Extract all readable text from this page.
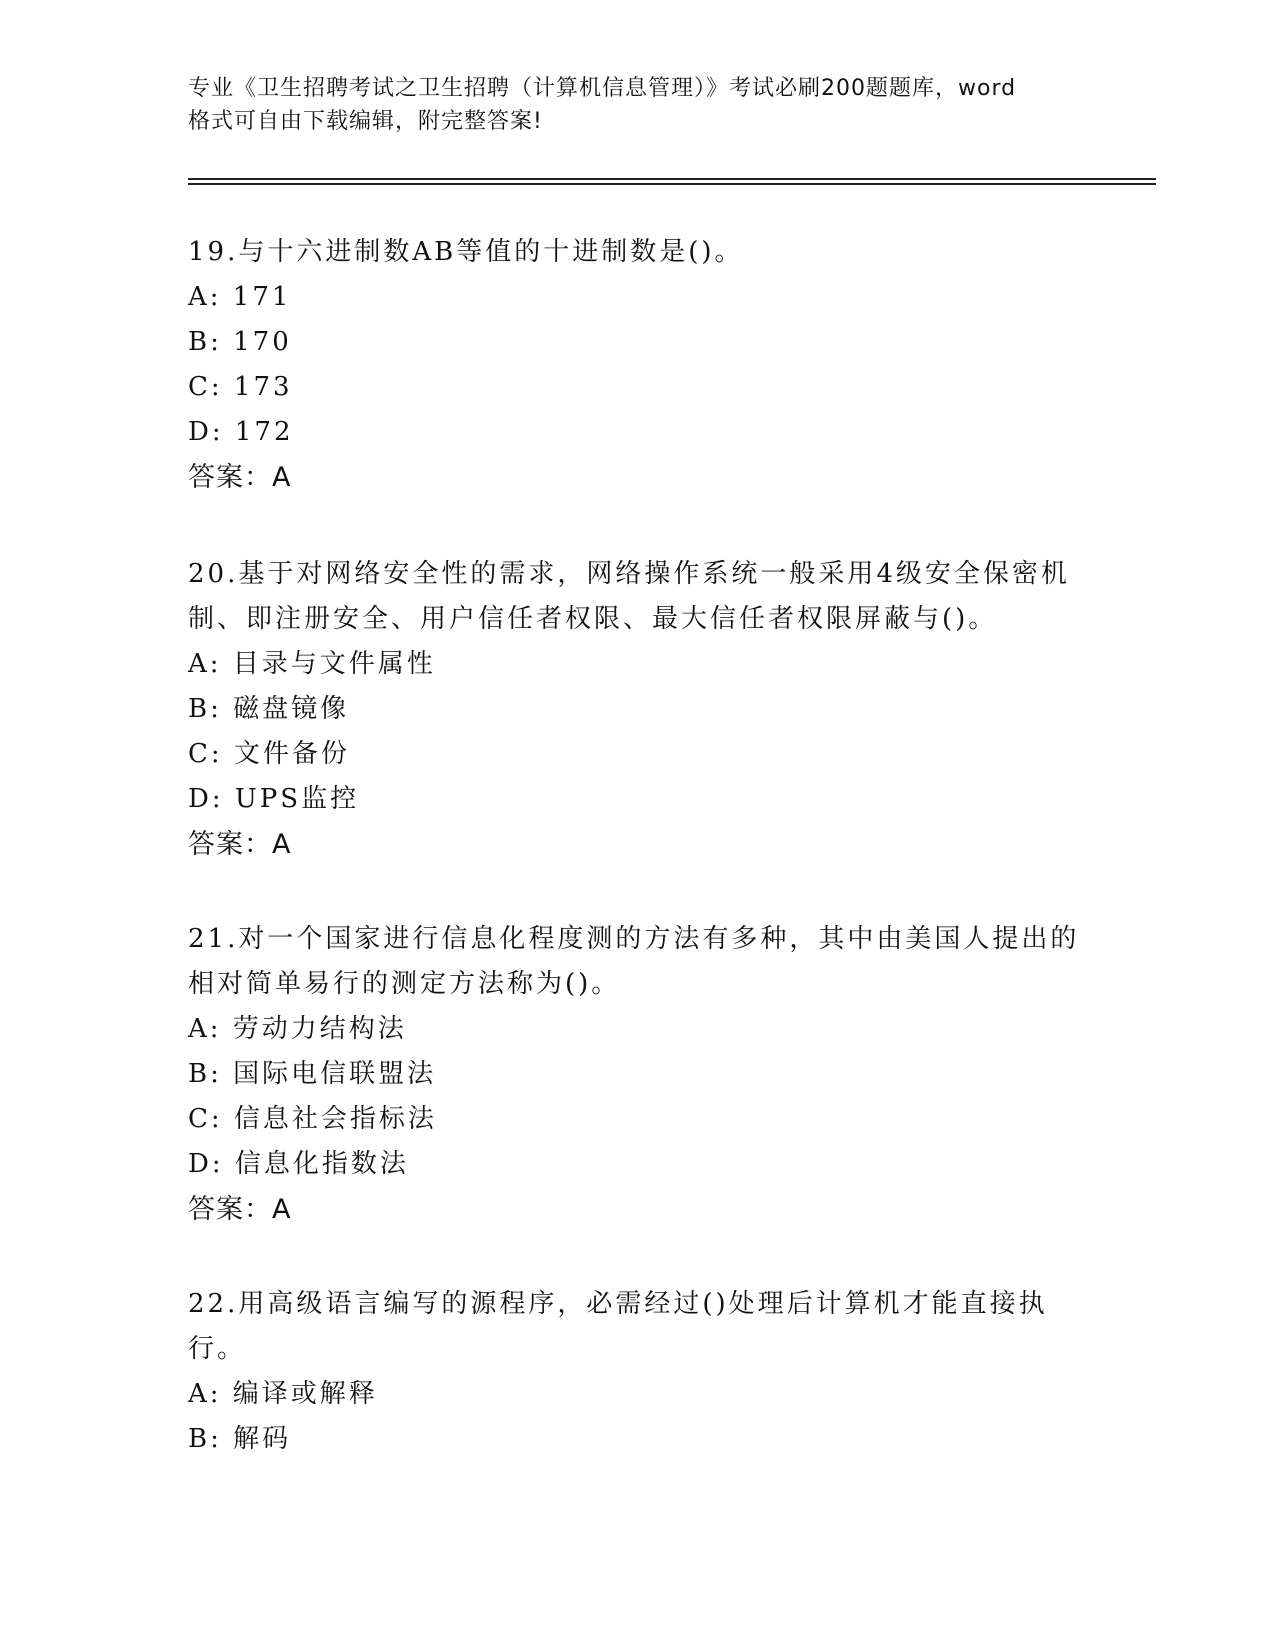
专业《卫生招聘考试之卫生招聘（计算机信息管理）》考试必刷200题题库，word
格式可自由下载编辑，附完整答案!

19.与十六进制数AB等值的十进制数是()。

A: 171

B: 170

C: 173

D: 172

答案：A

20.基于对网络安全性的需求，网络操作系统一般采用4级安全保密机制、即注册安全、用户信任者权限、最大信任者权限屏蔽与()。

A: 目录与文件属性

B: 磁盘镜像

C: 文件备份

D: UPS监控

答案：A

21.对一个国家进行信息化程度测的方法有多种，其中由美国人提出的相对简单易行的测定方法称为()。

A: 劳动力结构法

B: 国际电信联盟法

C: 信息社会指标法

D: 信息化指数法

答案：A

22.用高级语言编写的源程序，必需经过()处理后计算机才能直接执行。

A: 编译或解释

B: 解码
